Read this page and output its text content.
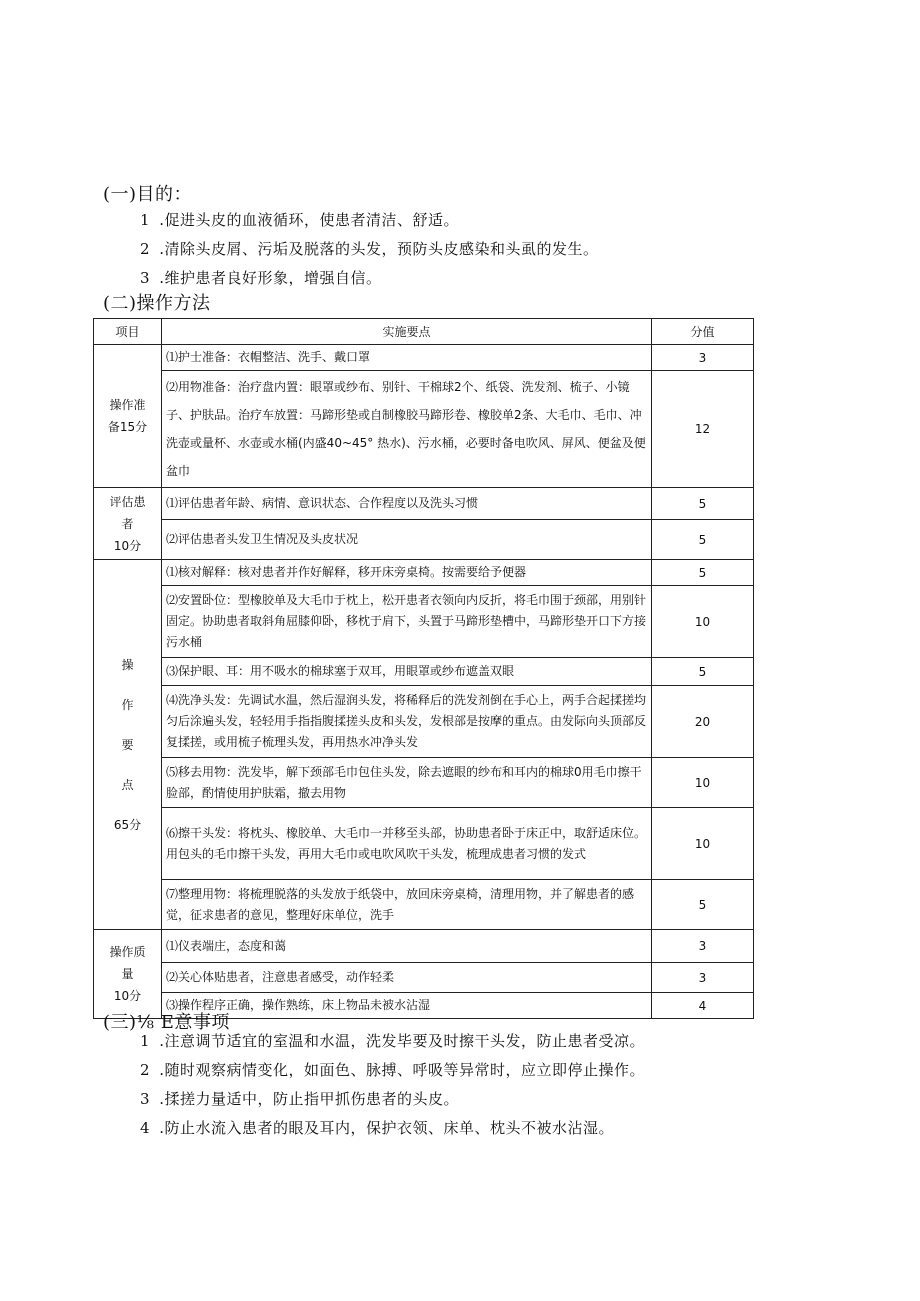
(一)目的：
1 .促进头皮的血液循环，使患者清洁、舒适。
2 .清除头皮屑、污垢及脱落的头发，预防头皮感染和头虱的发生。
3 .维护患者良好形象，增强自信。
(二)操作方法
项目	实施要点	分值
操作准
备15分	⑴护士准备：衣帽整洁、洗手、戴口罩	3
	⑵用物准备：治疗盘内置：眼罩或纱布、别针、干棉球2个、纸袋、洗发剂、梳子、小镜子、护肤品。治疗车放置：马蹄形垫或自制橡胶马蹄形卷、橡胶单2条、大毛巾、毛巾、冲洗壶或量杯、水壶或水桶(内盛40~45° 热水)、污水桶，必要时备电吹风、屏风、便盆及便盆巾	12
评估患
者
10分	⑴评估患者年龄、病情、意识状态、合作程度以及洗头习惯	5
	⑵评估患者头发卫生情况及头皮状况	5
操

作

要

点

65分	⑴核对解释：核对患者并作好解释，移开床旁桌椅。按需要给予便器	5
	⑵安置卧位：型橡胶单及大毛巾于枕上，松开患者衣领向内反折，将毛巾围于颈部，用别针固定。协助患者取斜角屈膝仰卧，移枕于肩下，头置于马蹄形垫槽中，马蹄形垫开口下方接污水桶	10
	⑶保护眼、耳：用不吸水的棉球塞于双耳，用眼罩或纱布遮盖双眼	5
	⑷洗净头发：先调试水温，然后湿润头发，将稀释后的洗发剂倒在手心上，两手合起揉搓均匀后涂遍头发，轻轻用手指指腹揉搓头皮和头发，发根部是按摩的重点。由发际向头顶部反复揉搓，或用梳子梳理头发，再用热水冲净头发	20
	⑸移去用物：洗发毕，解下颈部毛巾包住头发，除去遮眼的纱布和耳内的棉球0用毛巾擦干脸部，酌情使用护肤霜，撤去用物	10
	⑹擦干头发：将枕头、橡胶单、大毛巾一并移至头部，协助患者卧于床正中，取舒适床位。用包头的毛巾擦干头发，再用大毛巾或电吹风吹干头发，梳理成患者习惯的发式	10
	⑺整理用物：将梳理脱落的头发放于纸袋中，放回床旁桌椅，清理用物，并了解患者的感觉，征求患者的意见，整理好床单位，洗手	5
操作质
量
10分	⑴仪表端庄，态度和蔼	3
	⑵关心体贴患者，注意患者感受，动作轻柔	3
	⑶操作程序正确，操作熟练，床上物品未被水沾湿	4
(三)⅛ E意事项
1 .注意调节适宜的室温和水温，洗发毕要及时擦干头发，防止患者受凉。
2 .随时观察病情变化，如面色、脉搏、呼吸等异常时，应立即停止操作。
3 .揉搓力量适中，防止指甲抓伤患者的头皮。
4 .防止水流入患者的眼及耳内，保护衣领、床单、枕头不被水沾湿。
